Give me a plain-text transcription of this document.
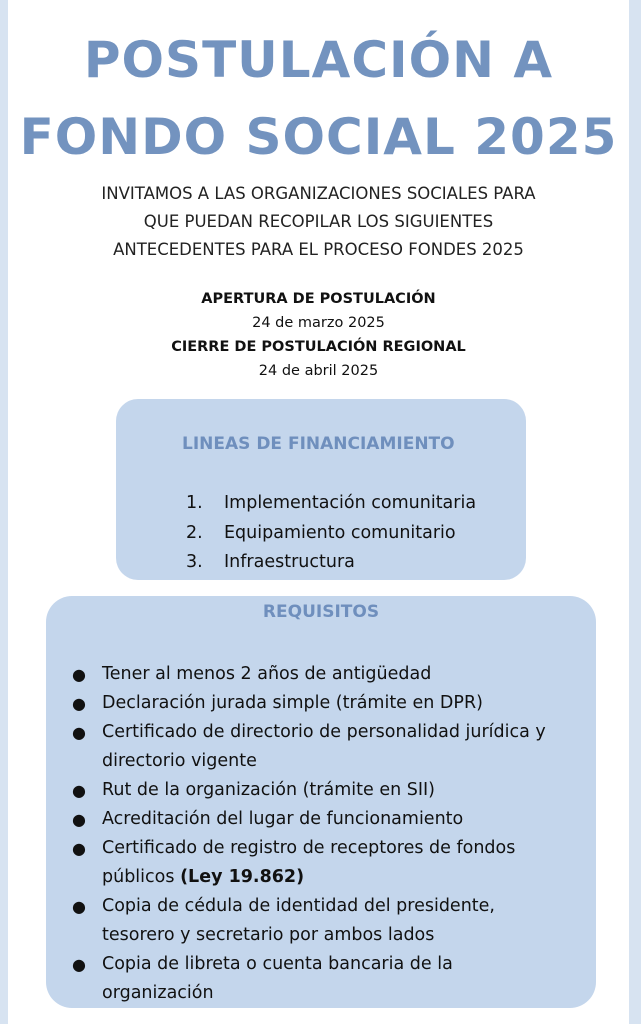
POSTULACIÓN A
FONDO SOCIAL 2025
INVITAMOS A LAS ORGANIZACIONES SOCIALES PARA
QUE PUEDAN RECOPILAR LOS SIGUIENTES
ANTECEDENTES PARA EL PROCESO FONDES 2025
APERTURA DE POSTULACIÓN
24 de marzo 2025
CIERRE DE POSTULACIÓN REGIONAL
24 de abril 2025
LINEAS DE FINANCIAMIENTO
1.	Implementación comunitaria
2.	Equipamiento comunitario
3.	Infraestructura
REQUISITOS
● Tener al menos 2 años de antigüedad
● Declaración jurada simple (trámite en DPR)
● Certificado de directorio de personalidad jurídica y
directorio vigente
● Rut de la organización (trámite en SII)
● Acreditación del lugar de funcionamiento
● Certificado de registro de receptores de fondos
públicos (Ley 19.862)
● Copia de cédula de identidad del presidente,
tesorero y secretario por ambos lados
● Copia de libreta o cuenta bancaria de la
organización
